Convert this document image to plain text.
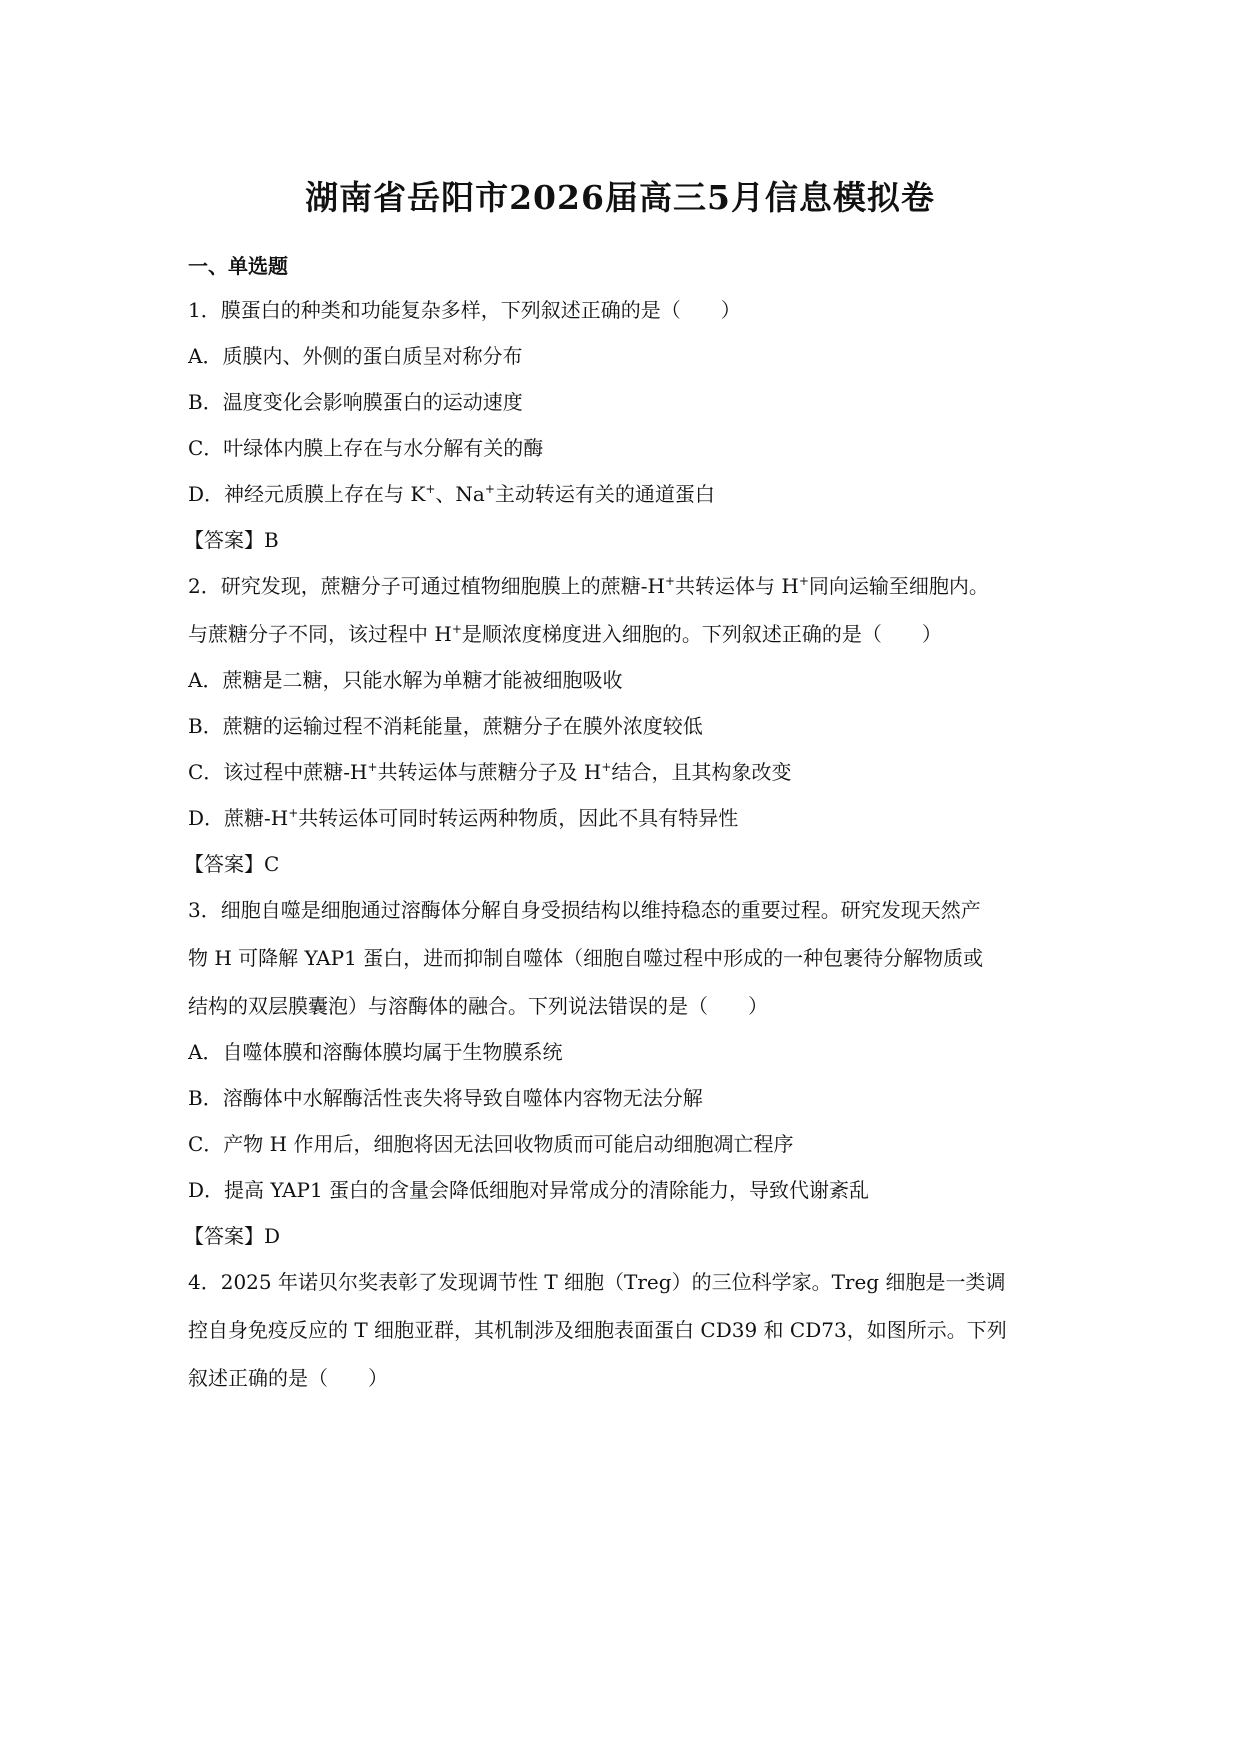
湖南省岳阳市2026届高三5月信息模拟卷
一、单选题
1．膜蛋白的种类和功能复杂多样，下列叙述正确的是（　　）
A．质膜内、外侧的蛋白质呈对称分布
B．温度变化会影响膜蛋白的运动速度
C．叶绿体内膜上存在与水分解有关的酶
D．神经元质膜上存在与 K+、Na+主动转运有关的通道蛋白
【答案】B
2．研究发现，蔗糖分子可通过植物细胞膜上的蔗糖-H+共转运体与 H+同向运输至细胞内。
与蔗糖分子不同，该过程中 H+是顺浓度梯度进入细胞的。下列叙述正确的是（　　）
A．蔗糖是二糖，只能水解为单糖才能被细胞吸收
B．蔗糖的运输过程不消耗能量，蔗糖分子在膜外浓度较低
C．该过程中蔗糖-H+共转运体与蔗糖分子及 H+结合，且其构象改变
D．蔗糖-H+共转运体可同时转运两种物质，因此不具有特异性
【答案】C
3．细胞自噬是细胞通过溶酶体分解自身受损结构以维持稳态的重要过程。研究发现天然产
物 H 可降解 YAP1 蛋白，进而抑制自噬体（细胞自噬过程中形成的一种包裹待分解物质或
结构的双层膜囊泡）与溶酶体的融合。下列说法错误的是（　　）
A．自噬体膜和溶酶体膜均属于生物膜系统
B．溶酶体中水解酶活性丧失将导致自噬体内容物无法分解
C．产物 H 作用后，细胞将因无法回收物质而可能启动细胞凋亡程序
D．提高 YAP1 蛋白的含量会降低细胞对异常成分的清除能力，导致代谢紊乱
【答案】D
4．2025 年诺贝尔奖表彰了发现调节性 T 细胞（Treg）的三位科学家。Treg 细胞是一类调
控自身免疫反应的 T 细胞亚群，其机制涉及细胞表面蛋白 CD39 和 CD73，如图所示。下列
叙述正确的是（　　）
